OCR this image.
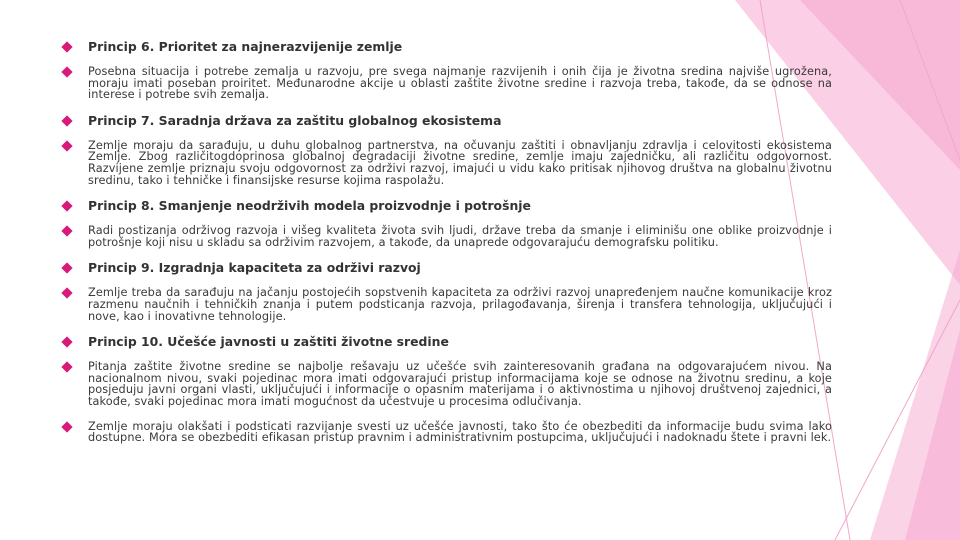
Princip 6. Prioritet za najnerazvijenije zemlje
Posebna situacija i potrebe zemalja u razvoju, pre svega najmanje razvijenih i onih čija je životna sredina najviše ugrožena, moraju imati poseban proiritet. Međunarodne akcije u oblasti zaštite životne sredine i razvoja treba, takođe, da se odnose na interese i potrebe svih zemalja.
Princip 7. Saradnja država za zaštitu globalnog ekosistema
Zemlje moraju da sarađuju, u duhu globalnog partnerstva, na očuvanju zaštiti i obnavljanju zdravlja i celovitosti ekosistema Zemlje. Zbog različitogdoprinosa globalnoj degradaciji životne sredine, zemlje imaju zajedničku, ali različitu odgovornost. Razvijene zemlje priznaju svoju odgovornost za održivi razvoj, imajući u vidu kako pritisak njihovog društva na globalnu životnu sredinu, tako i tehničke i finansijske resurse kojima raspolažu.
Princip 8. Smanjenje neodrživih modela proizvodnje i potrošnje
Radi postizanja održivog razvoja i višeg kvaliteta života svih ljudi, države treba da smanje i eliminišu one oblike proizvodnje i potrošnje koji nisu u skladu sa održivim razvojem, a takođe, da unaprede odgovarajuću demografsku politiku.
Princip 9. Izgradnja kapaciteta za održivi razvoj
Zemlje treba da sarađuju na jačanju postojećih sopstvenih kapaciteta za održivi razvoj unapređenjem naučne komunikacije kroz razmenu naučnih i tehničkih znanja i putem podsticanja razvoja, prilagođavanja, širenja i transfera tehnologija, uključujući i nove, kao i inovativne tehnologije.
Princip 10. Učešće javnosti u zaštiti životne sredine
Pitanja zaštite životne sredine se najbolje rešavaju uz učešće svih zainteresovanih građana na odgovarajućem nivou. Na nacionalnom nivou, svaki pojedinac mora imati odgovarajući pristup informacijama koje se odnose na životnu sredinu, a koje posjeduju javni organi vlasti, uključujući i informacije o opasnim materijama i o aktivnostima u njihovoj društvenoj zajednici, a takođe, svaki pojedinac mora imati mogućnost da učestvuje u procesima odlučivanja.
Zemlje moraju olakšati i podsticati razvijanje svesti uz učešće javnosti, tako što će obezbediti da informacije budu svima lako dostupne. Mora se obezbediti efikasan pristup pravnim i administrativnim postupcima, uključujući i nadoknadu štete i pravni lek.
